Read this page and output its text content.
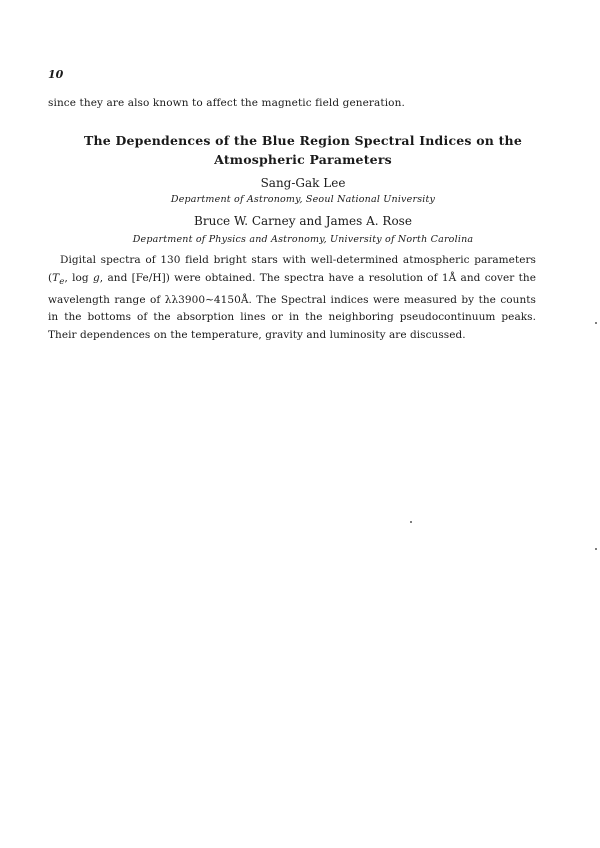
10
since they are also known to affect the magnetic field generation.
The Dependences of the Blue Region Spectral Indices on the
Atmospheric Parameters
Sang-Gak Lee
Department of Astronomy, Seoul National University
Bruce W. Carney and James A. Rose
Department of Physics and Astronomy, University of North Carolina
Digital spectra of 130 field bright stars with well-determined atmospheric parameters ($T_e$, log g, and [Fe/H]) were obtained. The spectra have a resolution of 1Å and cover the wavelength range of λλ3900∼4150Å. The Spectral indices were measured by the counts in the bottoms of the absorption lines or in the neighboring pseudocontinuum peaks. Their dependences on the temperature, gravity and luminosity are discussed.
